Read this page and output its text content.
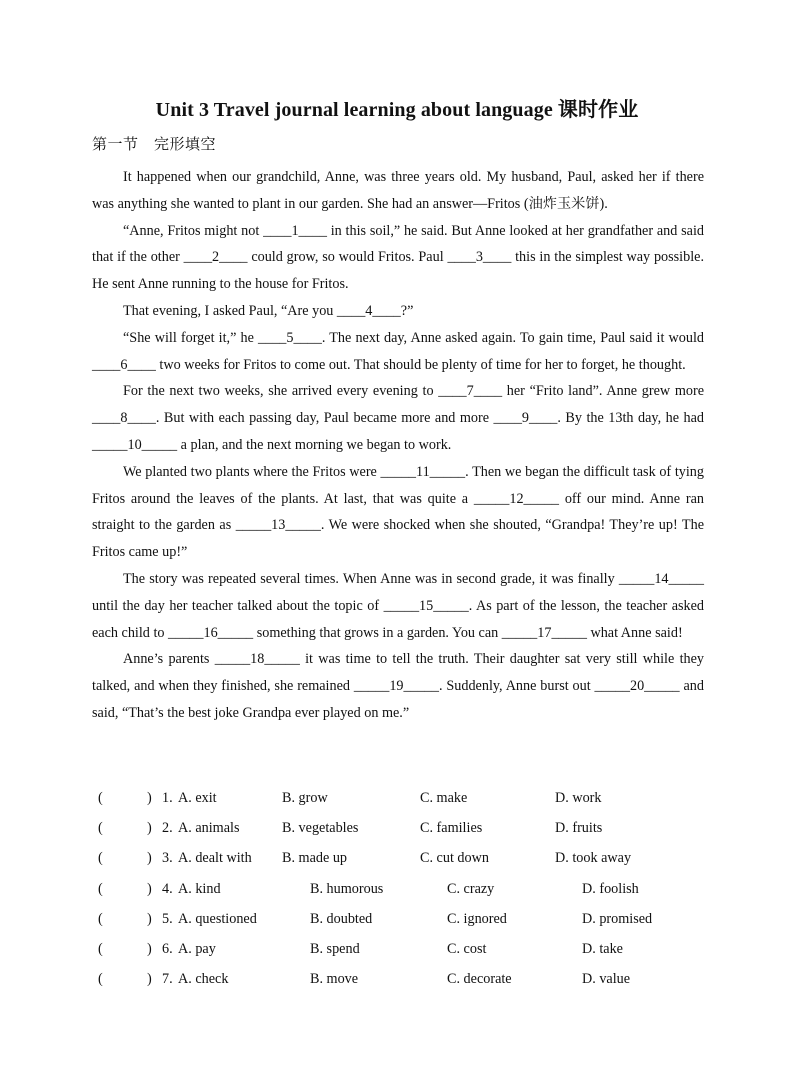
Unit 3 Travel journal learning about language 课时作业
第一节　完形填空

It happened when our grandchild, Anne, was three years old. My husband, Paul, asked her if there was anything she wanted to plant in our garden. She had an answer—Fritos (油炸玉米饼).

“Anne, Fritos might not ____1____ in this soil,” he said. But Anne looked at her grandfather and said that if the other ____2____ could grow, so would Fritos. Paul ____3____ this in the simplest way possible. He sent Anne running to the house for Fritos.

That evening, I asked Paul, “Are you ____4____?”

“She will forget it,” he ____5____. The next day, Anne asked again. To gain time, Paul said it would ____6____ two weeks for Fritos to come out. That should be plenty of time for her to forget, he thought.

For the next two weeks, she arrived every evening to ____7____ her “Frito land”. Anne grew more ____8____. But with each passing day, Paul became more and more ____9____. By the 13th day, he had _____10_____ a plan, and the next morning we began to work.

We planted two plants where the Fritos were _____11_____. Then we began the difficult task of tying Fritos around the leaves of the plants. At last, that was quite a _____12_____ off our mind. Anne ran straight to the garden as _____13_____. We were shocked when she shouted, “Grandpa! They’re up! The Fritos came up!”

The story was repeated several times. When Anne was in second grade, it was finally _____14_____ until the day her teacher talked about the topic of _____15_____. As part of the lesson, the teacher asked each child to _____16_____ something that grows in a garden. You can _____17_____ what Anne said!

Anne’s parents _____18_____ it was time to tell the truth. Their daughter sat very still while they talked, and when they finished, she remained _____19_____. Suddenly, Anne burst out _____20_____ and said, “That’s the best joke Grandpa ever played on me.”

(	) 1. A. exit	B. grow	C. make	D. work
(	) 2. A. animals	B. vegetables	C. families	D. fruits
(	) 3. A. dealt with B. made up	C. cut down	D. took away
(	) 4. A. kind	B. humorous	C. crazy	D. foolish
(	) 5. A. questioned	B. doubted	C. ignored	D. promised
(	) 6. A. pay	B. spend	C. cost	D. take
(	) 7. A. check	B. move	C. decorate	D. value
